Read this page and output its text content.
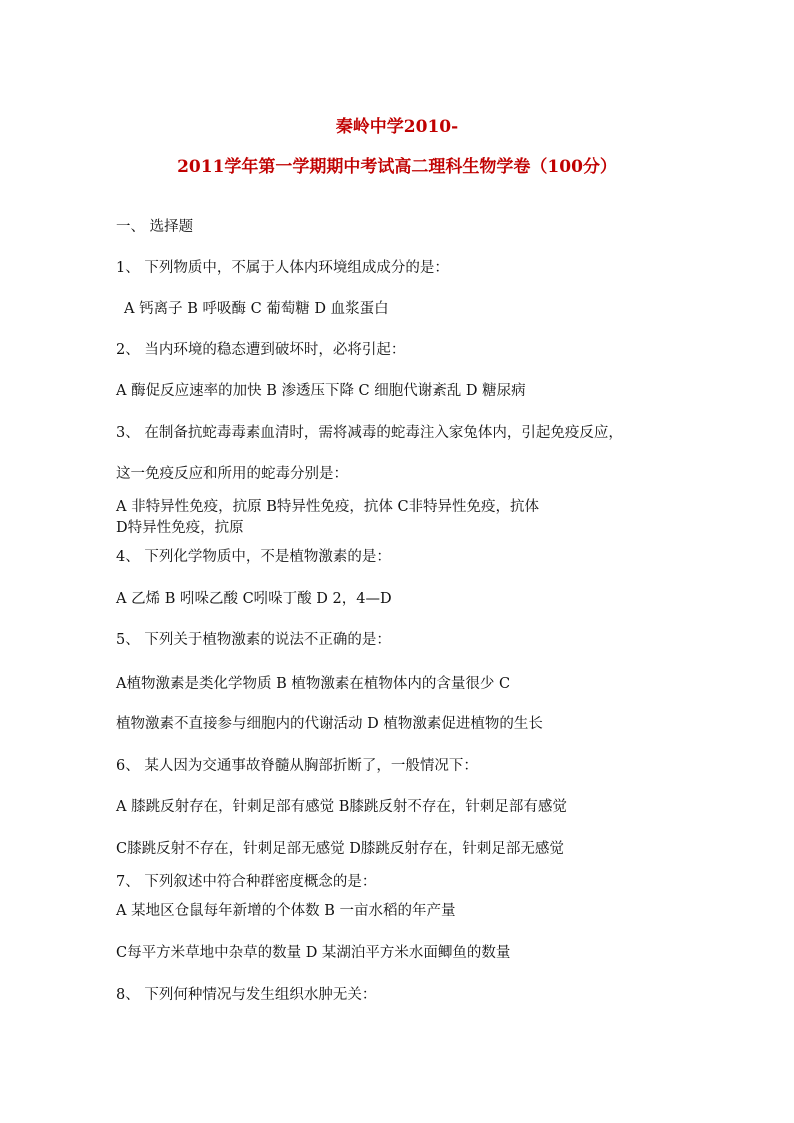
秦岭中学2010-
2011学年第一学期期中考试高二理科生物学卷（100分）
一、 选择题
1、 下列物质中，不属于人体内环境组成成分的是：
A 钙离子 B 呼吸酶 C 葡萄糖 D 血浆蛋白
2、 当内环境的稳态遭到破坏时，必将引起：
A 酶促反应速率的加快 B 渗透压下降 C 细胞代谢紊乱 D 糖尿病
3、 在制备抗蛇毒毒素血清时，需将减毒的蛇毒注入家兔体内，引起免疫反应，
这一免疫反应和所用的蛇毒分别是：
A 非特异性免疫，抗原 B特异性免疫，抗体 C非特异性免疫，抗体
D特异性免疫，抗原
4、 下列化学物质中，不是植物激素的是：
A 乙烯 B 吲哚乙酸 C吲哚丁酸 D 2，4—D
5、 下列关于植物激素的说法不正确的是：
A植物激素是类化学物质 B 植物激素在植物体内的含量很少 C
植物激素不直接参与细胞内的代谢活动 D 植物激素促进植物的生长
6、 某人因为交通事故脊髓从胸部折断了，一般情况下：
A 膝跳反射存在，针刺足部有感觉 B膝跳反射不存在，针刺足部有感觉
C膝跳反射不存在，针刺足部无感觉 D膝跳反射存在，针刺足部无感觉
7、 下列叙述中符合种群密度概念的是：
A 某地区仓鼠每年新增的个体数 B 一亩水稻的年产量
C每平方米草地中杂草的数量 D 某湖泊平方米水面鲫鱼的数量
8、 下列何种情况与发生组织水肿无关：
